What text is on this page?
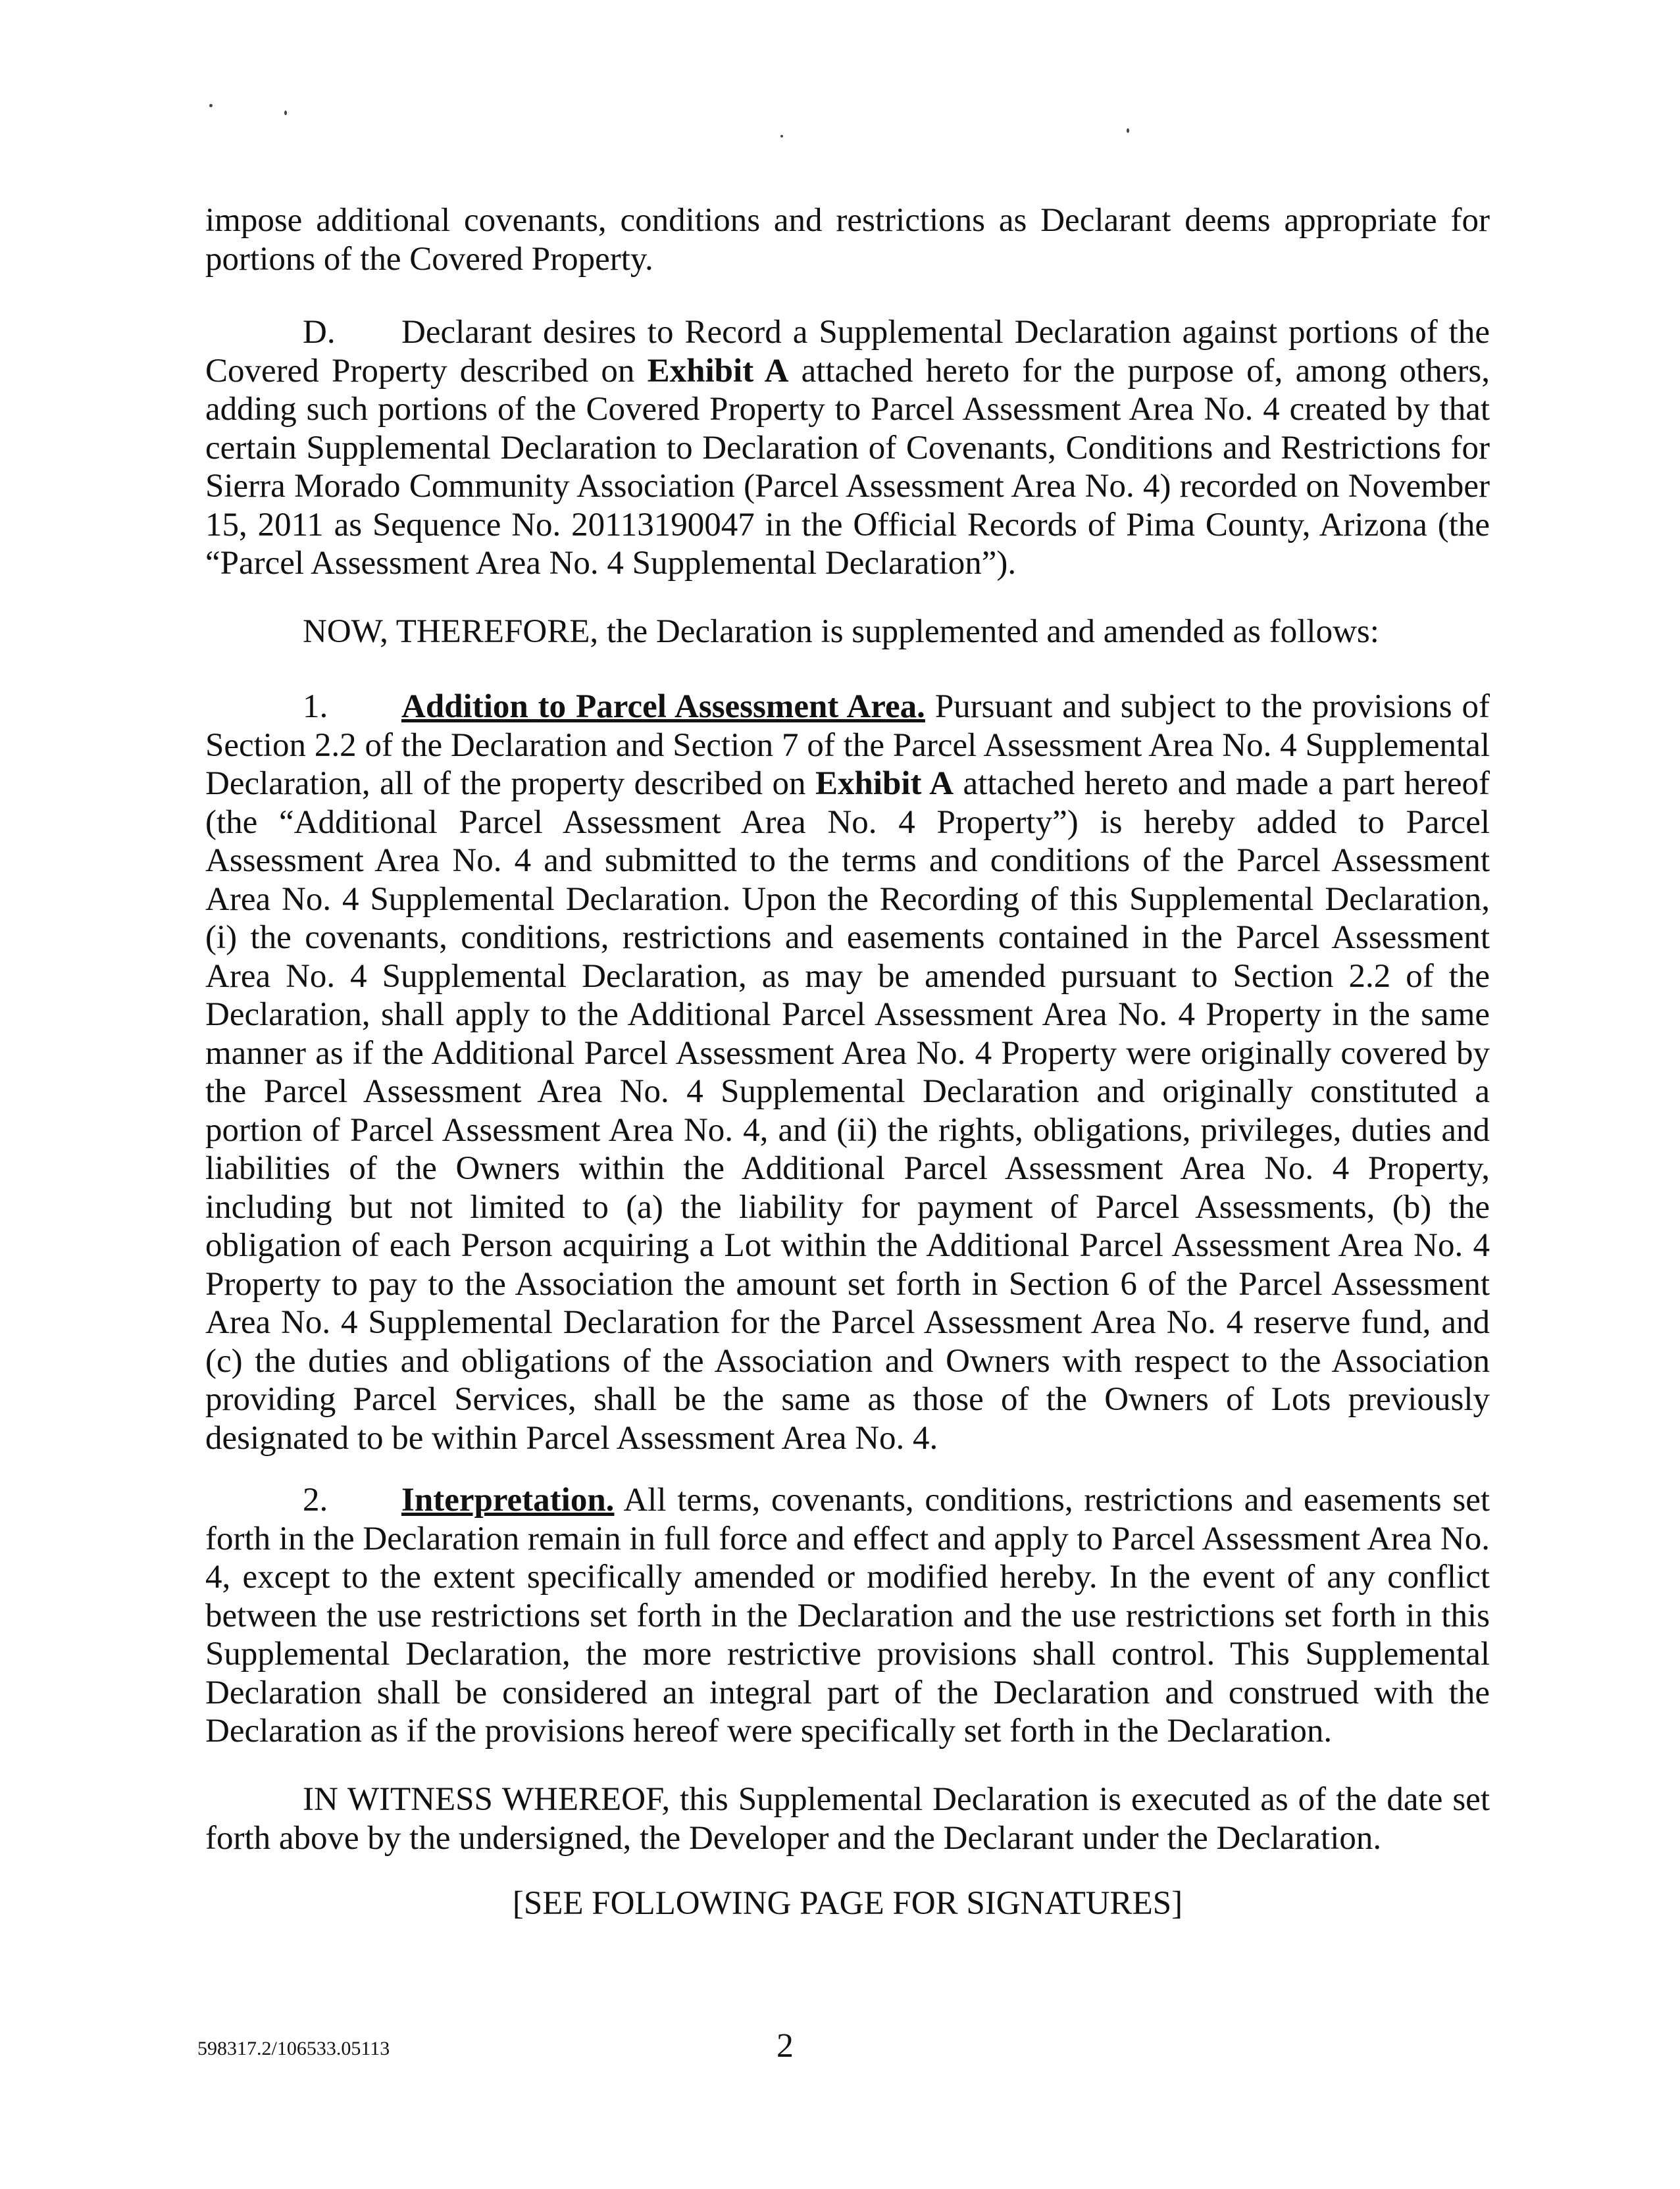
impose additional covenants, conditions and restrictions as Declarant deems appropriate for portions of the Covered Property.

D. Declarant desires to Record a Supplemental Declaration against portions of the Covered Property described on Exhibit A attached hereto for the purpose of, among others, adding such portions of the Covered Property to Parcel Assessment Area No. 4 created by that certain Supplemental Declaration to Declaration of Covenants, Conditions and Restrictions for Sierra Morado Community Association (Parcel Assessment Area No. 4) recorded on November 15, 2011 as Sequence No. 20113190047 in the Official Records of Pima County, Arizona (the “Parcel Assessment Area No. 4 Supplemental Declaration”).

NOW, THEREFORE, the Declaration is supplemented and amended as follows:

1. Addition to Parcel Assessment Area. Pursuant and subject to the provisions of Section 2.2 of the Declaration and Section 7 of the Parcel Assessment Area No. 4 Supplemental Declaration, all of the property described on Exhibit A attached hereto and made a part hereof (the “Additional Parcel Assessment Area No. 4 Property”) is hereby added to Parcel Assessment Area No. 4 and submitted to the terms and conditions of the Parcel Assessment Area No. 4 Supplemental Declaration. Upon the Recording of this Supplemental Declaration, (i) the covenants, conditions, restrictions and easements contained in the Parcel Assessment Area No. 4 Supplemental Declaration, as may be amended pursuant to Section 2.2 of the Declaration, shall apply to the Additional Parcel Assessment Area No. 4 Property in the same manner as if the Additional Parcel Assessment Area No. 4 Property were originally covered by the Parcel Assessment Area No. 4 Supplemental Declaration and originally constituted a portion of Parcel Assessment Area No. 4, and (ii) the rights, obligations, privileges, duties and liabilities of the Owners within the Additional Parcel Assessment Area No. 4 Property, including but not limited to (a) the liability for payment of Parcel Assessments, (b) the obligation of each Person acquiring a Lot within the Additional Parcel Assessment Area No. 4 Property to pay to the Association the amount set forth in Section 6 of the Parcel Assessment Area No. 4 Supplemental Declaration for the Parcel Assessment Area No. 4 reserve fund, and (c) the duties and obligations of the Association and Owners with respect to the Association providing Parcel Services, shall be the same as those of the Owners of Lots previously designated to be within Parcel Assessment Area No. 4.

2. Interpretation. All terms, covenants, conditions, restrictions and easements set forth in the Declaration remain in full force and effect and apply to Parcel Assessment Area No. 4, except to the extent specifically amended or modified hereby. In the event of any conflict between the use restrictions set forth in the Declaration and the use restrictions set forth in this Supplemental Declaration, the more restrictive provisions shall control. This Supplemental Declaration shall be considered an integral part of the Declaration and construed with the Declaration as if the provisions hereof were specifically set forth in the Declaration.

IN WITNESS WHEREOF, this Supplemental Declaration is executed as of the date set forth above by the undersigned, the Developer and the Declarant under the Declaration.

[SEE FOLLOWING PAGE FOR SIGNATURES]
598317.2/106533.05113	2
